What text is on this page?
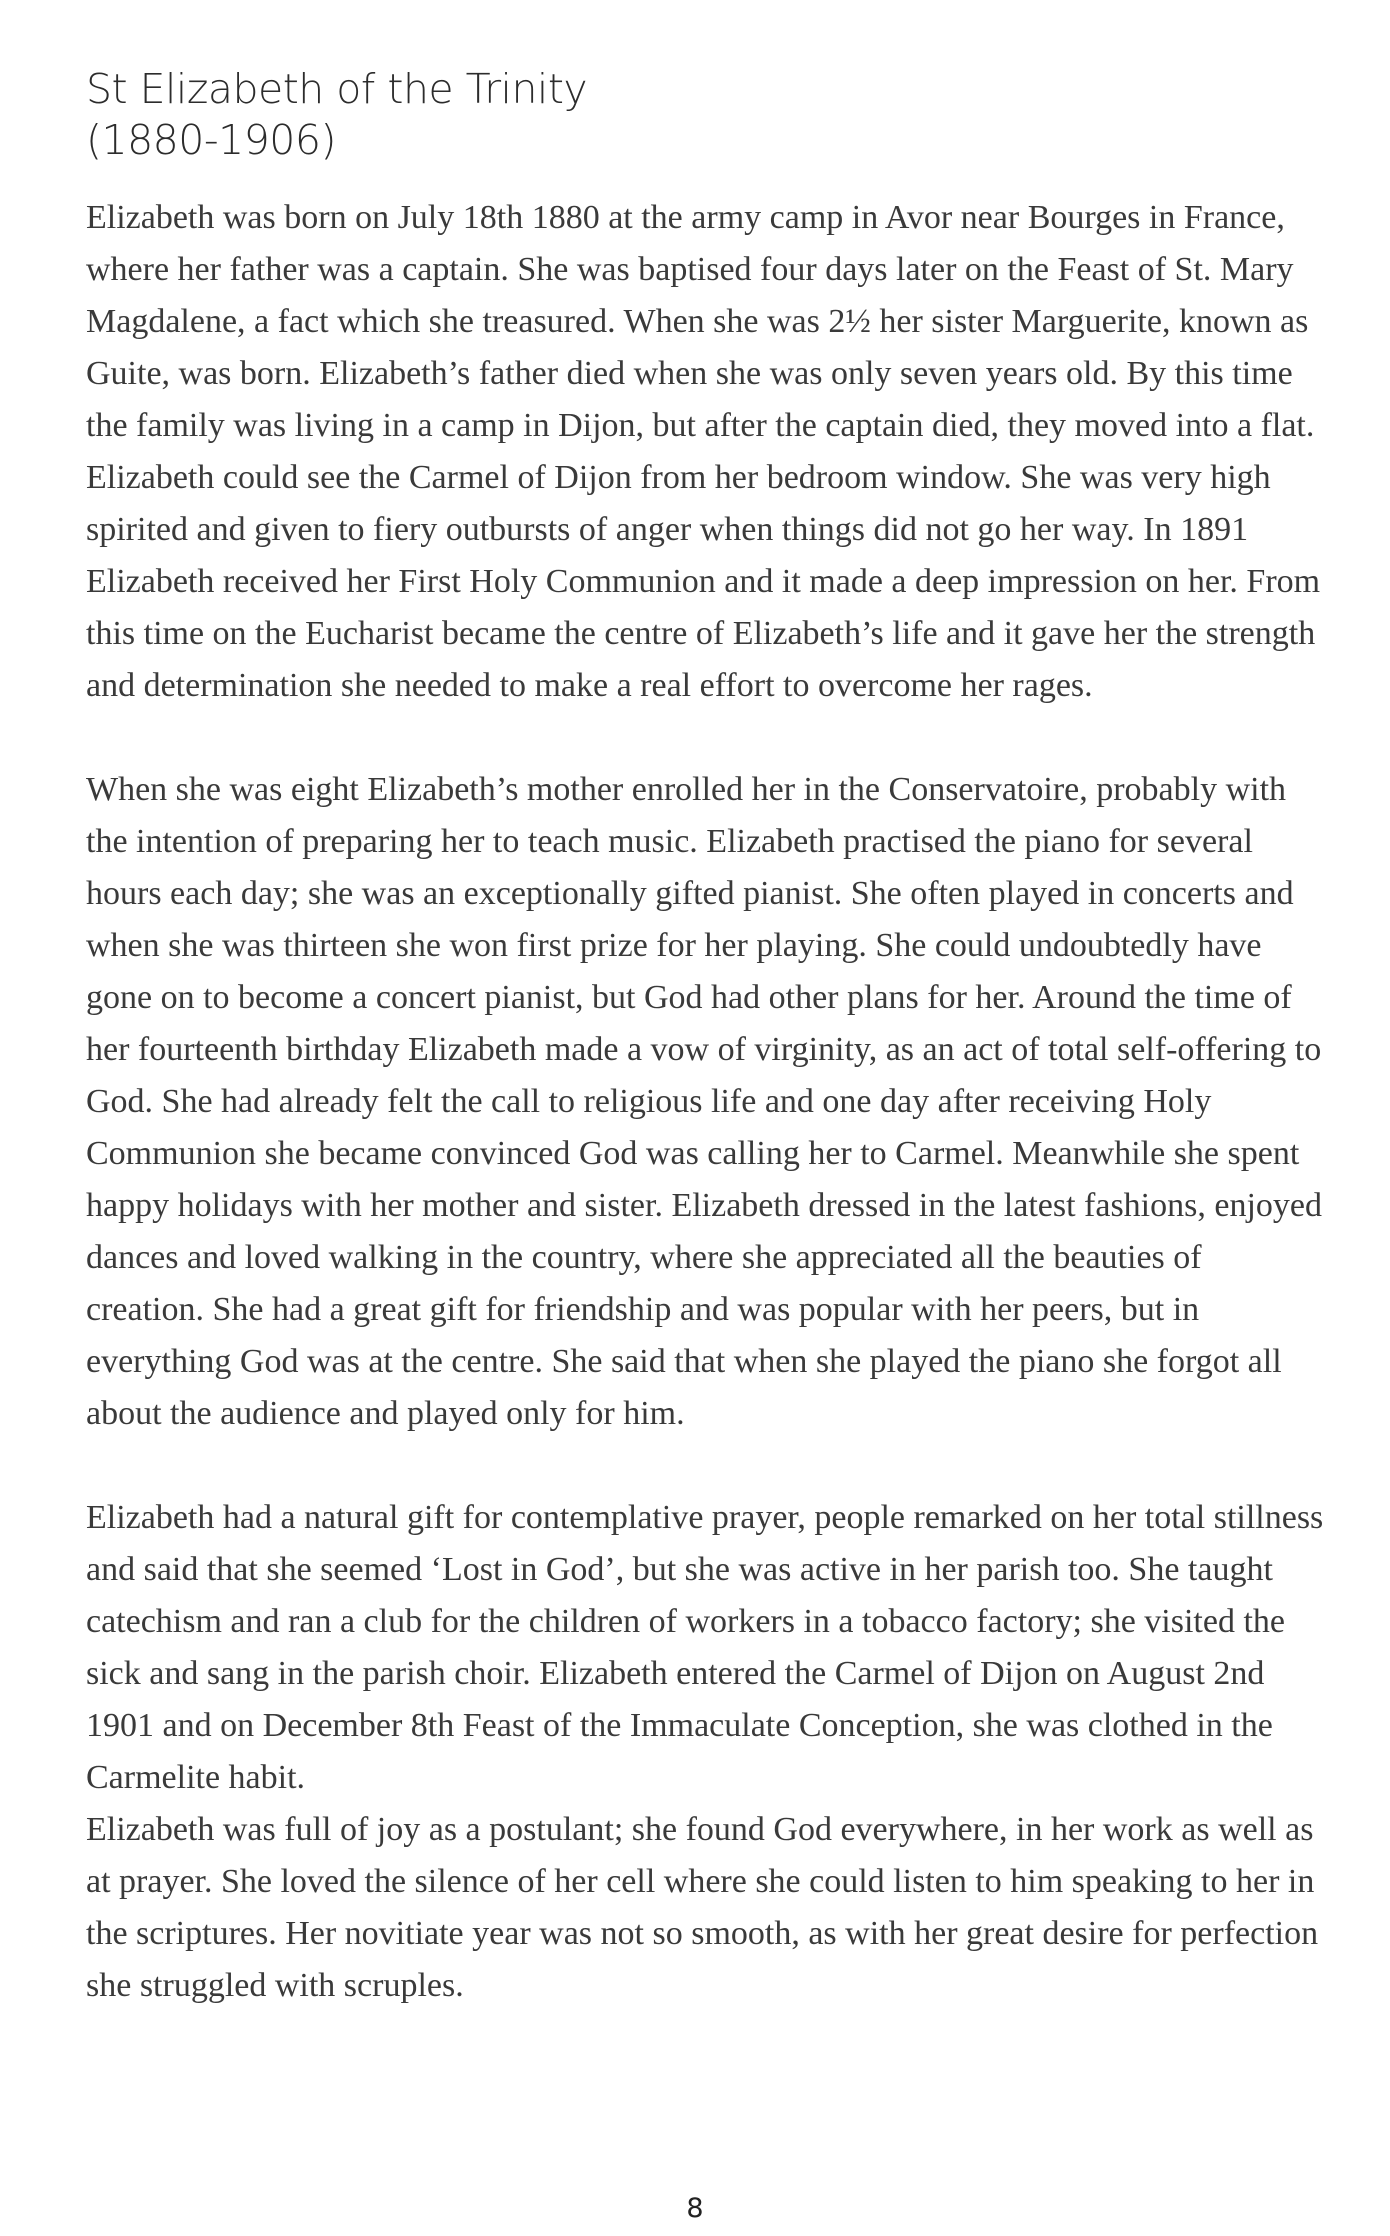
St Elizabeth of the Trinity
(1880-1906)

Elizabeth was born on July 18th 1880 at the army camp in Avor near Bourges in France, where her father was a captain. She was baptised four days later on the Feast of St. Mary Magdalene, a fact which she treasured. When she was 2½ her sister Marguerite, known as Guite, was born. Elizabeth’s father died when she was only seven years old. By this time the family was living in a camp in Dijon, but after the captain died, they moved into a flat. Elizabeth could see the Carmel of Dijon from her bedroom window. She was very high spirited and given to fiery outbursts of anger when things did not go her way. In 1891 Elizabeth received her First Holy Communion and it made a deep impression on her. From this time on the Eucharist became the centre of Elizabeth’s life and it gave her the strength and determination she needed to make a real effort to overcome her rages.

When she was eight Elizabeth’s mother enrolled her in the Conservatoire, probably with the intention of preparing her to teach music. Elizabeth practised the piano for several hours each day; she was an exceptionally gifted pianist. She often played in concerts and when she was thirteen she won first prize for her playing. She could undoubtedly have gone on to become a concert pianist, but God had other plans for her. Around the time of her fourteenth birthday Elizabeth made a vow of virginity, as an act of total self-offering to God. She had already felt the call to religious life and one day after receiving Holy Communion she became convinced God was calling her to Carmel. Meanwhile she spent happy holidays with her mother and sister. Elizabeth dressed in the latest fashions, enjoyed dances and loved walking in the country, where she appreciated all the beauties of creation. She had a great gift for friendship and was popular with her peers, but in everything God was at the centre. She said that when she played the piano she forgot all about the audience and played only for him.

Elizabeth had a natural gift for contemplative prayer, people remarked on her total stillness and said that she seemed ‘Lost in God’, but she was active in her parish too. She taught catechism and ran a club for the children of workers in a tobacco factory; she visited the sick and sang in the parish choir. Elizabeth entered the Carmel of Dijon on August 2nd 1901 and on December 8th Feast of the Immaculate Conception, she was clothed in the Carmelite habit.

Elizabeth was full of joy as a postulant; she found God everywhere, in her work as well as at prayer. She loved the silence of her cell where she could listen to him speaking to her in the scriptures. Her novitiate year was not so smooth, as with her great desire for perfection she struggled with scruples.

8
